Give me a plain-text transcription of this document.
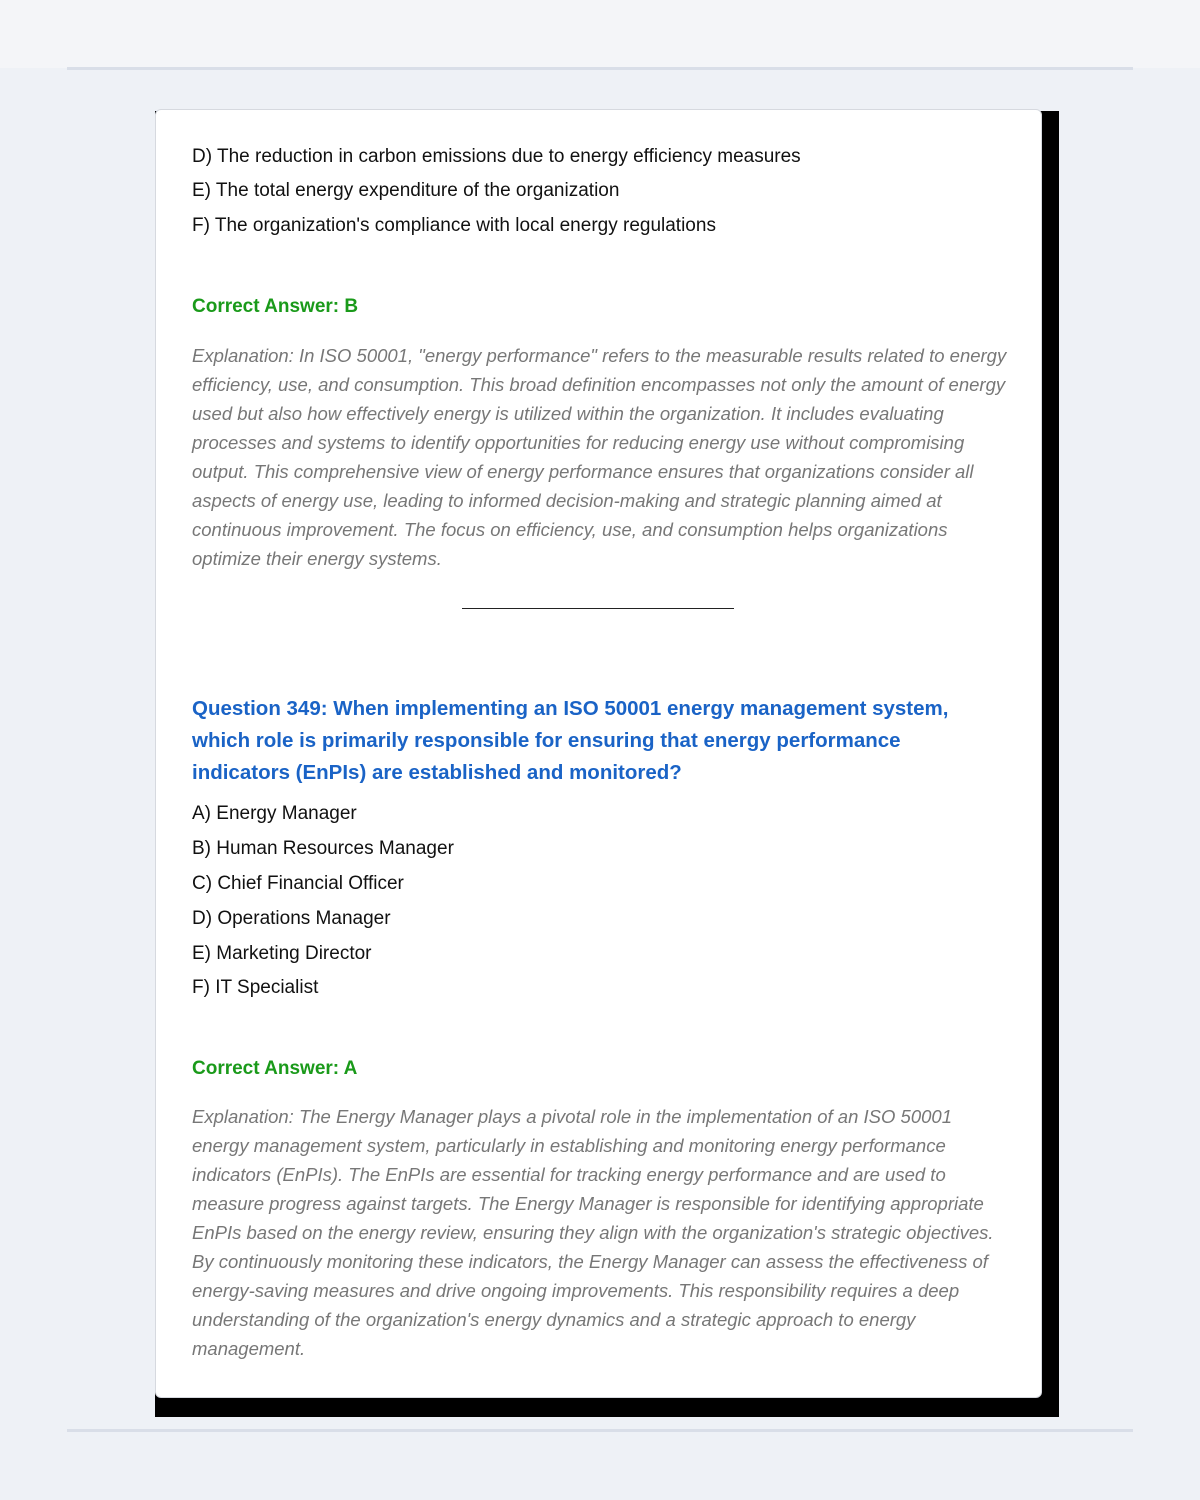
D) The reduction in carbon emissions due to energy efficiency measures
E) The total energy expenditure of the organization
F) The organization's compliance with local energy regulations
Correct Answer: B
Explanation: In ISO 50001, "energy performance" refers to the measurable results related to energy efficiency, use, and consumption. This broad definition encompasses not only the amount of energy used but also how effectively energy is utilized within the organization. It includes evaluating processes and systems to identify opportunities for reducing energy use without compromising output. This comprehensive view of energy performance ensures that organizations consider all aspects of energy use, leading to informed decision-making and strategic planning aimed at continuous improvement. The focus on efficiency, use, and consumption helps organizations optimize their energy systems.
Question 349: When implementing an ISO 50001 energy management system, which role is primarily responsible for ensuring that energy performance indicators (EnPIs) are established and monitored?
A) Energy Manager
B) Human Resources Manager
C) Chief Financial Officer
D) Operations Manager
E) Marketing Director
F) IT Specialist
Correct Answer: A
Explanation: The Energy Manager plays a pivotal role in the implementation of an ISO 50001 energy management system, particularly in establishing and monitoring energy performance indicators (EnPIs). The EnPIs are essential for tracking energy performance and are used to measure progress against targets. The Energy Manager is responsible for identifying appropriate EnPIs based on the energy review, ensuring they align with the organization's strategic objectives. By continuously monitoring these indicators, the Energy Manager can assess the effectiveness of energy-saving measures and drive ongoing improvements. This responsibility requires a deep understanding of the organization's energy dynamics and a strategic approach to energy management.
